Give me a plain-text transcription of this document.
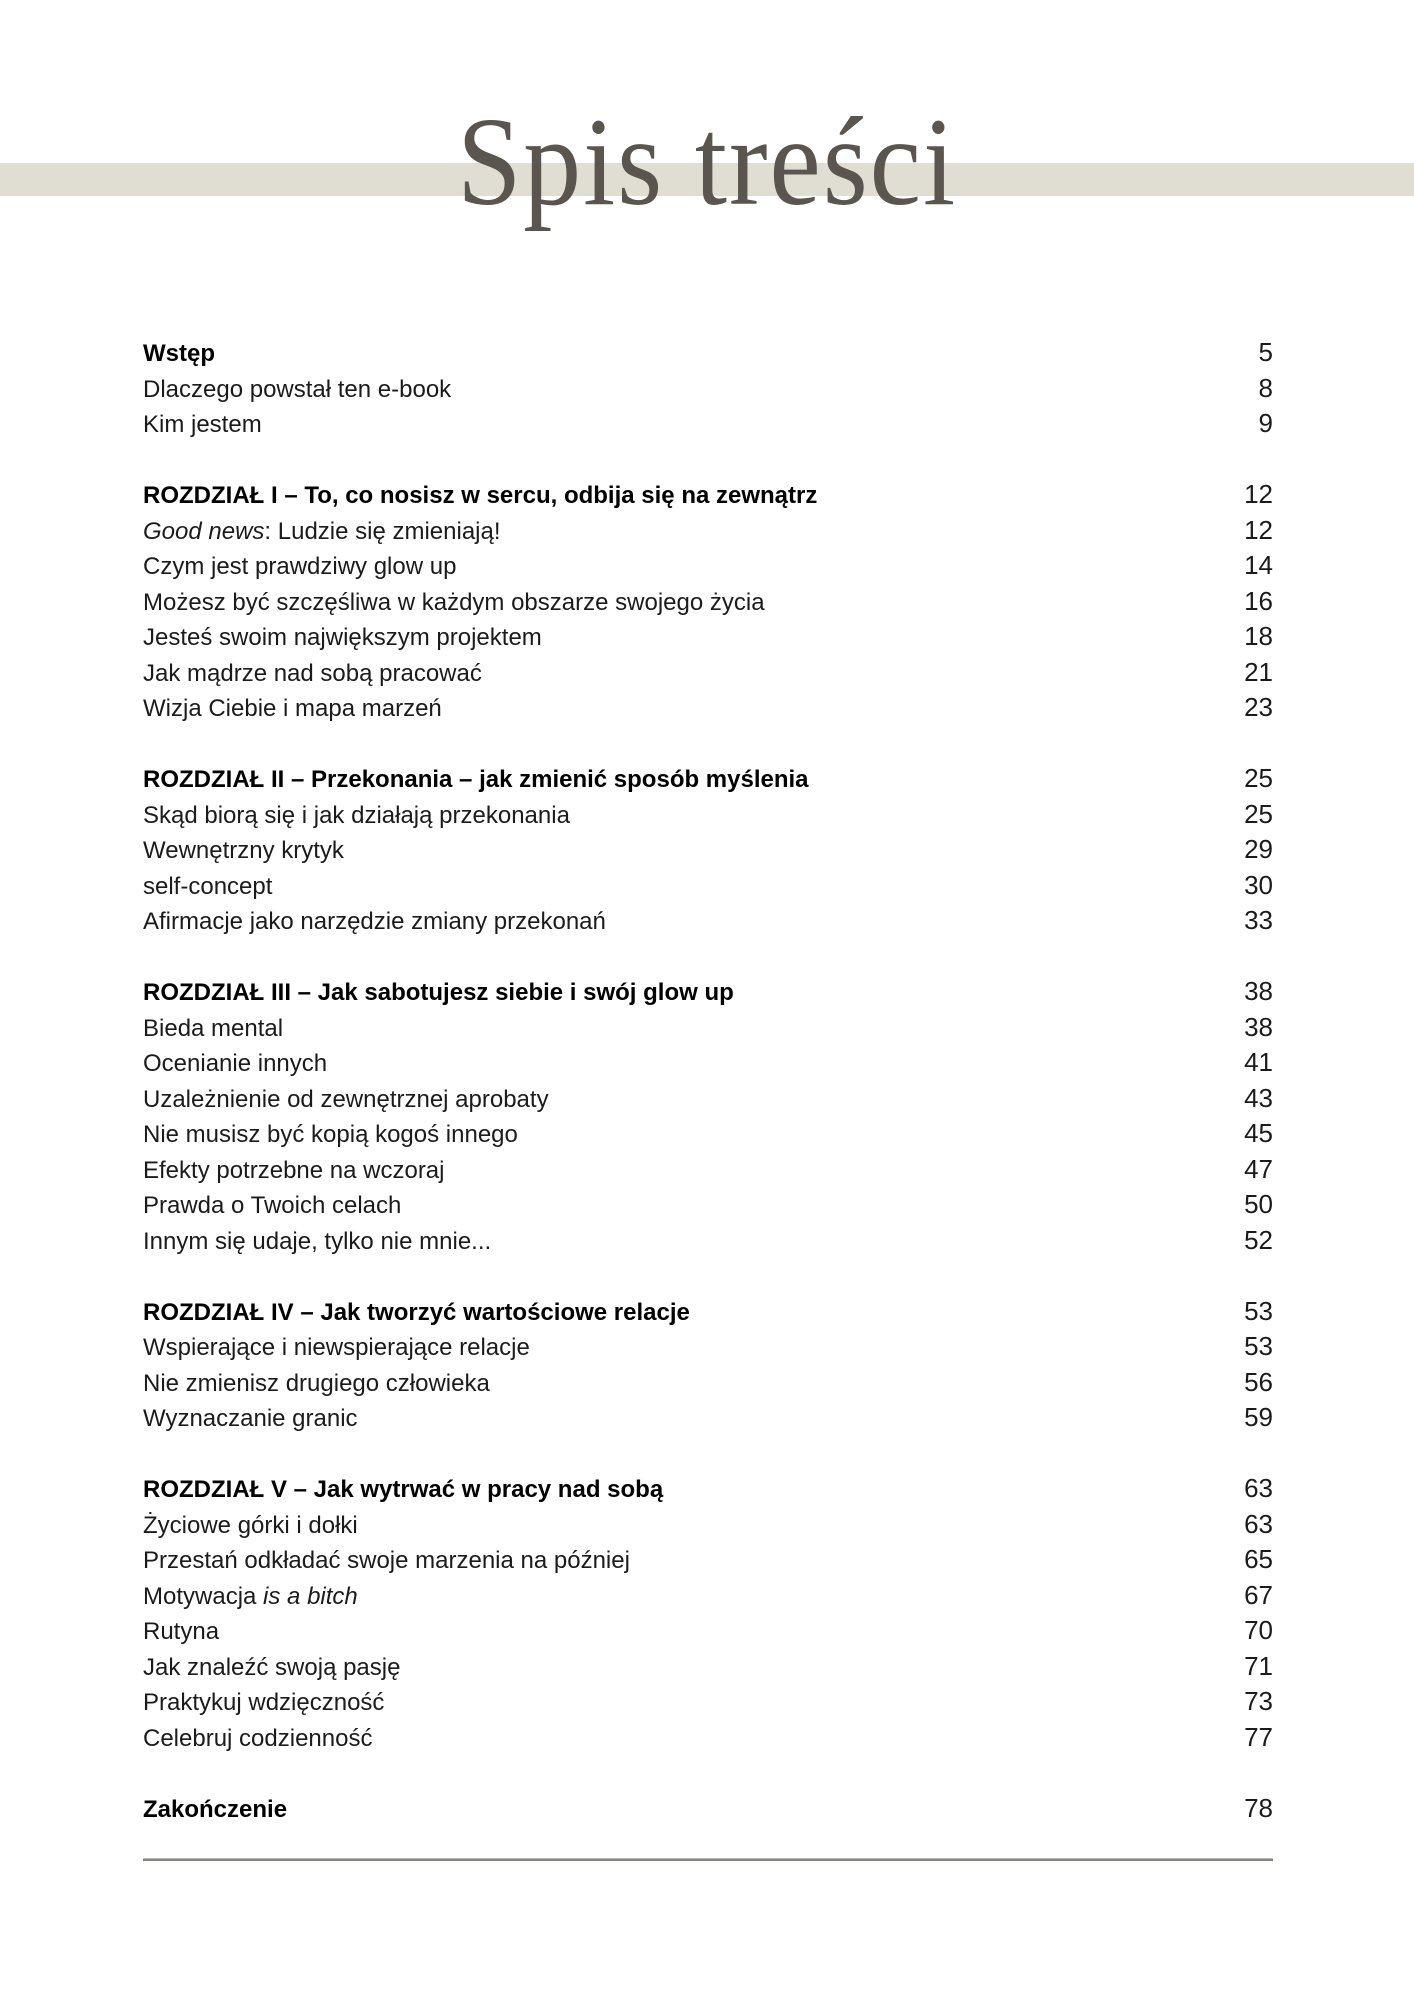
Spis treści
Wstęp	5
Dlaczego powstał ten e-book	8
Kim jestem	9
ROZDZIAŁ I – To, co nosisz w sercu, odbija się na zewnątrz	12
Good news: Ludzie się zmieniają!	12
Czym jest prawdziwy glow up	14
Możesz być szczęśliwa w każdym obszarze swojego życia	16
Jesteś swoim największym projektem	18
Jak mądrze nad sobą pracować	21
Wizja Ciebie i mapa marzeń	23
ROZDZIAŁ II – Przekonania – jak zmienić sposób myślenia	25
Skąd biorą się i jak działają przekonania	25
Wewnętrzny krytyk	29
self-concept	30
Afirmacje jako narzędzie zmiany przekonań	33
ROZDZIAŁ III – Jak sabotujesz siebie i swój glow up	38
Bieda mental	38
Ocenianie innych	41
Uzależnienie od zewnętrznej aprobaty	43
Nie musisz być kopią kogoś innego	45
Efekty potrzebne na wczoraj	47
Prawda o Twoich celach	50
Innym się udaje, tylko nie mnie...	52
ROZDZIAŁ IV – Jak tworzyć wartościowe relacje	53
Wspierające i niewspierające relacje	53
Nie zmienisz drugiego człowieka	56
Wyznaczanie granic	59
ROZDZIAŁ V – Jak wytrwać w pracy nad sobą	63
Życiowe górki i dołki	63
Przestań odkładać swoje marzenia na później	65
Motywacja is a bitch	67
Rutyna	70
Jak znaleźć swoją pasję	71
Praktykuj wdzięczność	73
Celebruj codzienność	77
Zakończenie	78
